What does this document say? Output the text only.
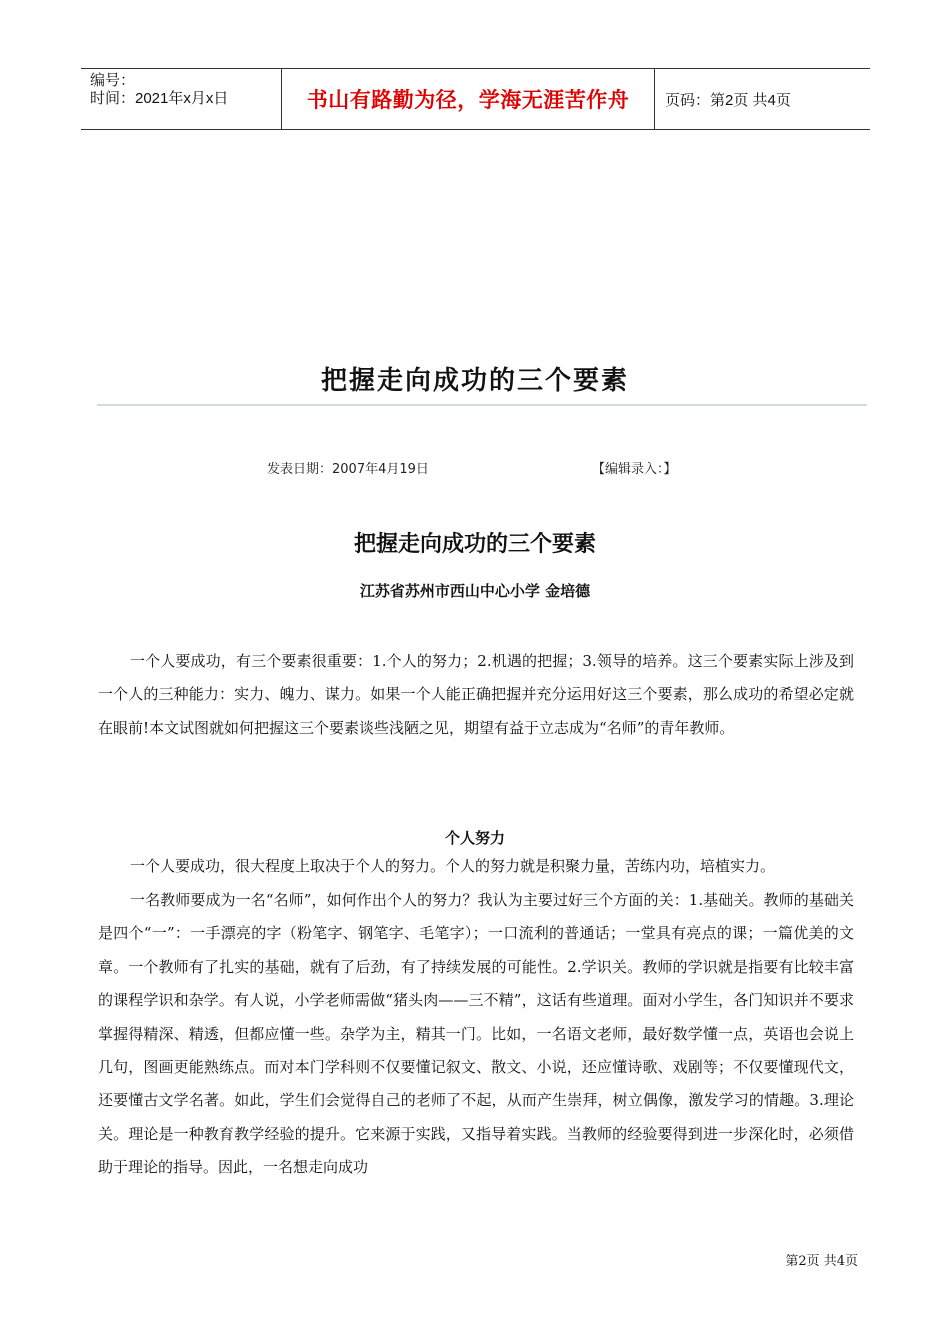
编号：
时间：2021年x月x日	书山有路勤为径，学海无涯苦作舟 页码：第2页 共4页
把握走向成功的三个要素
发表日期：2007年4月19日	【编辑录入：】
把握走向成功的三个要素
江苏省苏州市西山中心小学 金培德

一个人要成功，有三个要素很重要：1.个人的努力；2.机遇的把握；3.领导的培养。这三个要素实际上涉及到一个人的三种能力：实力、魄力、谋力。如果一个人能正确把握并充分运用好这三个要素，那么成功的希望必定就在眼前!本文试图就如何把握这三个要素谈些浅陋之见，期望有益于立志成为“名师”的青年教师。

个人努力

一个人要成功，很大程度上取决于个人的努力。个人的努力就是积聚力量，苦练内功，培植实力。

一名教师要成为一名“名师”，如何作出个人的努力？我认为主要过好三个方面的关：1.基础关。教师的基础关是四个“一”：一手漂亮的字（粉笔字、钢笔字、毛笔字）；一口流利的普通话；一堂具有亮点的课；一篇优美的文章。一个教师有了扎实的基础，就有了后劲，有了持续发展的可能性。2.学识关。教师的学识就是指要有比较丰富的课程学识和杂学。有人说，小学老师需做“猪头肉——三不精”，这话有些道理。面对小学生，各门知识并不要求掌握得精深、精透，但都应懂一些。杂学为主，精其一门。比如，一名语文老师，最好数学懂一点，英语也会说上几句，图画更能熟练点。而对本门学科则不仅要懂记叙文、散文、小说，还应懂诗歌、戏剧等；不仅要懂现代文，还要懂古文学名著。如此，学生们会觉得自己的老师了不起，从而产生崇拜，树立偶像，激发学习的情趣。3.理论关。理论是一种教育教学经验的提升。它来源于实践，又指导着实践。当教师的经验要得到进一步深化时，必须借助于理论的指导。因此，一名想走向成功

第2页 共4页
